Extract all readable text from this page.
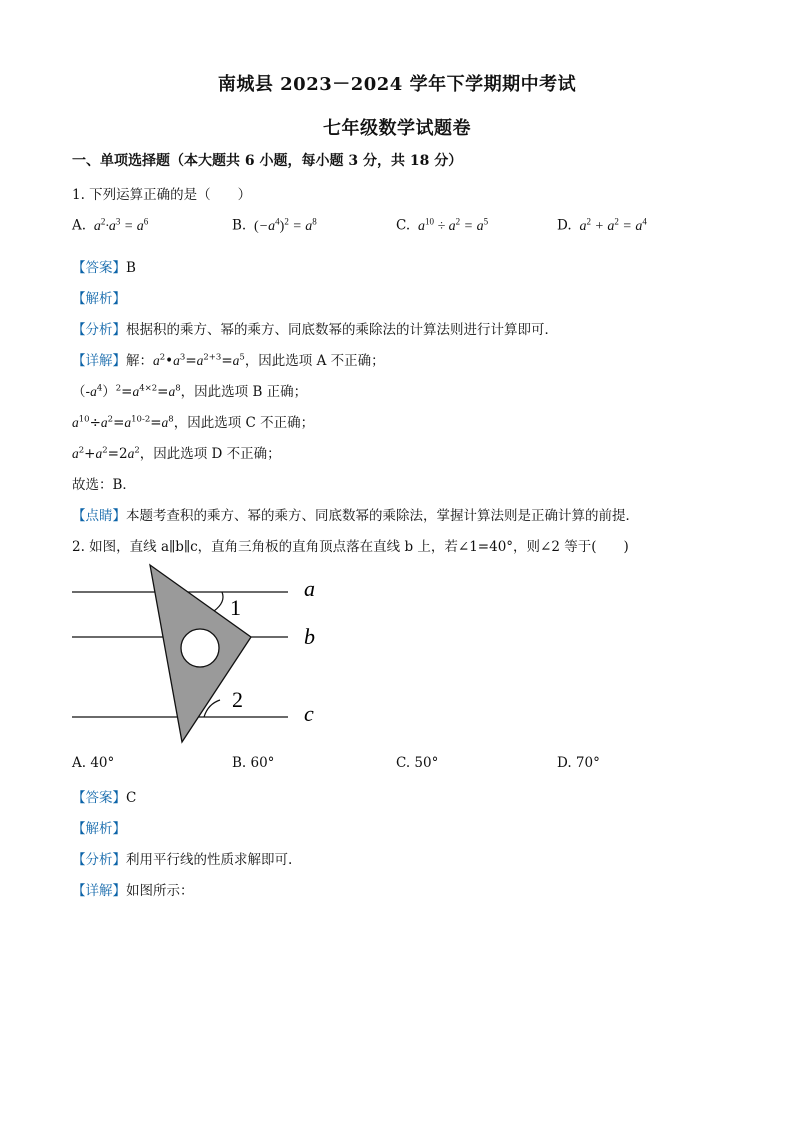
南城县 2023－2024 学年下学期期中考试
七年级数学试题卷
一、单项选择题（本大题共 6 小题，每小题 3 分，共 18 分）
1. 下列运算正确的是（　　）
A.  $a^2\cdot a^3 = a^6$	B. $(-a^4)^2 = a^8$	C.  $a^{10} \div a^2 = a^5$	D.  $a^2 + a^2 = a^4$
【答案】B
【解析】
【分析】根据积的乘方、幂的乘方、同底数幂的乘除法的计算法则进行计算即可．
【详解】解：$a^2•a^3=a^{2+3}=a^5$，因此选项 A 不正确；
$(-a^4)^2=a^{4\times 2}=a^8$，因此选项 B 正确；
$a^{10}\div a^2=a^{10-2}=a^8$，因此选项 C 不正确；
$a^2+a^2=2a^2$，因此选项 D 不正确；
故选：B．
【点睛】本题考查积的乘方、幂的乘方、同底数幂的乘除法，掌握计算法则是正确计算的前提．
2. 如图，直线 a∥b∥c，直角三角板的直角顶点落在直线 b 上，若∠1=40°，则∠2 等于(　　)
1
2
a
b
c
A. 40°	B. 60°	C. 50°	D. 70°
【答案】C
【解析】
【分析】利用平行线的性质求解即可.
【详解】如图所示：
